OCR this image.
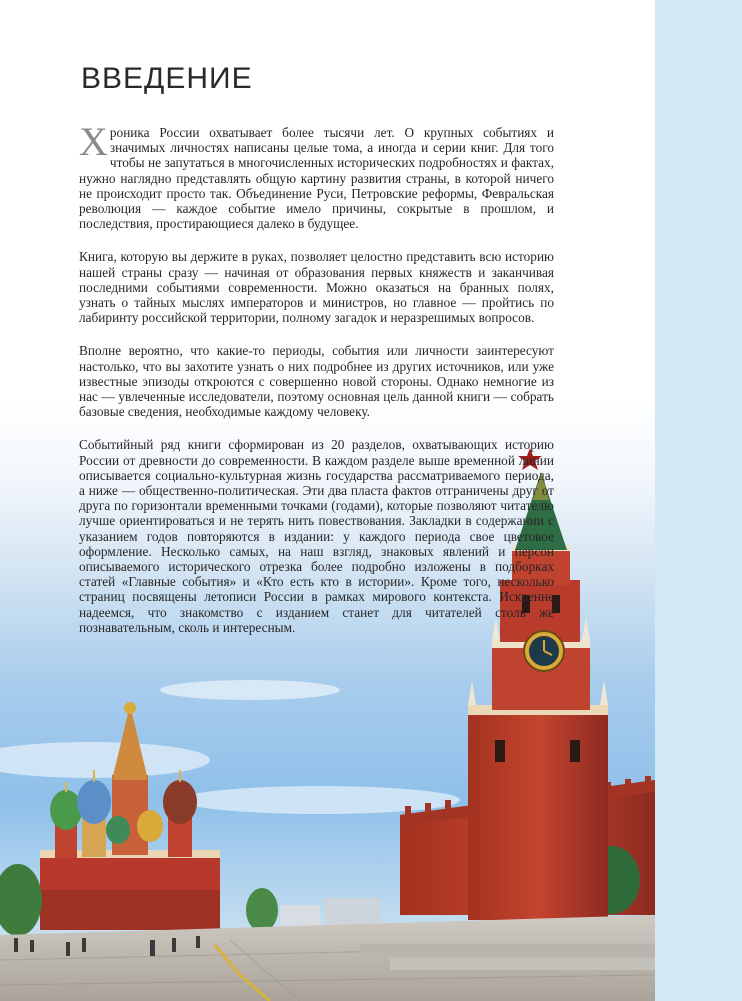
ВВЕДЕНИЕ

Хроника России охватывает более тысячи лет. О крупных событиях и значимых личностях написаны целые тома, а иногда и серии книг. Для того чтобы не запутаться в многочисленных исторических подробностях и фактах, нужно наглядно представлять общую картину развития страны, в которой ничего не происходит просто так. Объединение Руси, Петровские реформы, Февральская революция — каждое событие имело причины, сокрытые в прошлом, и последствия, простирающиеся далеко в будущее.

Книга, которую вы держите в руках, позволяет целостно представить всю историю нашей страны сразу — начиная от образования первых княжеств и заканчивая последними событиями современности. Можно оказаться на бранных полях, узнать о тайных мыслях императоров и министров, но главное — пройтись по лабиринту российской территории, полному загадок и неразрешимых вопросов.

Вполне вероятно, что какие-то периоды, события или личности заинтересуют настолько, что вы захотите узнать о них подробнее из других источников, или уже известные эпизоды откроются с совершенно новой стороны. Однако немногие из нас — увлеченные исследователи, поэтому основная цель данной книги — собрать базовые сведения, необходимые каждому человеку.

Событийный ряд книги сформирован из 20 разделов, охватывающих историю России от древности до современности. В каждом разделе выше временной линии описывается социально-культурная жизнь государства рассматриваемого периода, а ниже — общественно-политическая. Эти два пласта фактов отграничены друг от друга по горизонтали временными точками (годами), которые позволяют читателю лучше ориентироваться и не терять нить повествования. Закладки в содержании с указанием годов повторяются в издании: у каждого периода свое цветовое оформление. Несколько самых, на наш взгляд, знаковых явлений и персон описываемого исторического отрезка более подробно изложены в подборках статей «Главные события» и «Кто есть кто в истории». Кроме того, несколько страниц посвящены летописи России в рамках мирового контекста. Искренне надеемся, что знакомство с изданием станет для читателей столь же познавательным, сколь и интересным.
